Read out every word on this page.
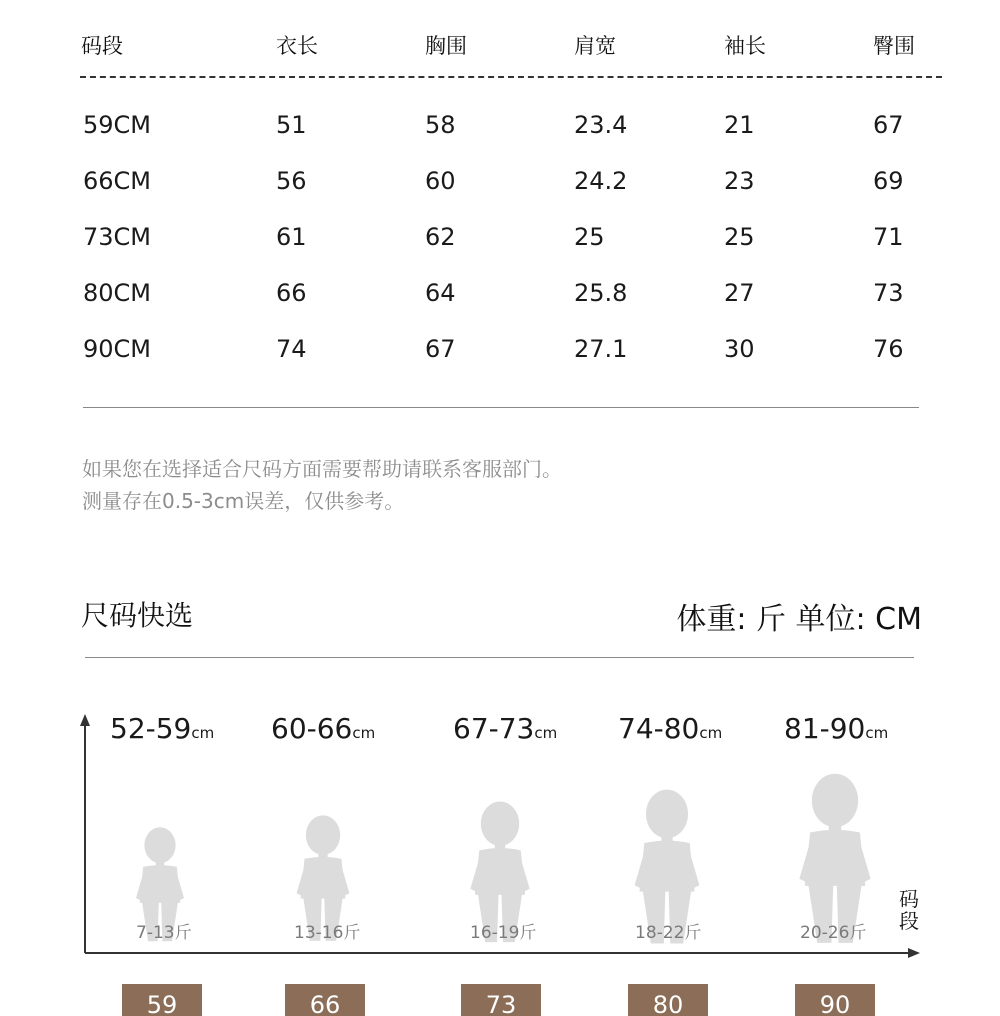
码段	衣长	胸围	肩宽	袖长	臀围
59CM	51	58	23.4	21	67
66CM	56	60	24.2	23	69
73CM	61	62	25	25	71
80CM	66	64	25.8	27	73
90CM	74	67	27.1	30	76
如果您在选择适合尺码方面需要帮助请联系客服部门。
测量存在0.5-3cm误差，仅供参考。
尺码快选	体重: 斤 单位: CM
码段
52-59cm
7-13斤
59
60-66cm
13-16斤
66
67-73cm
16-19斤
73
74-80cm
18-22斤
80
81-90cm
20-26斤
90
